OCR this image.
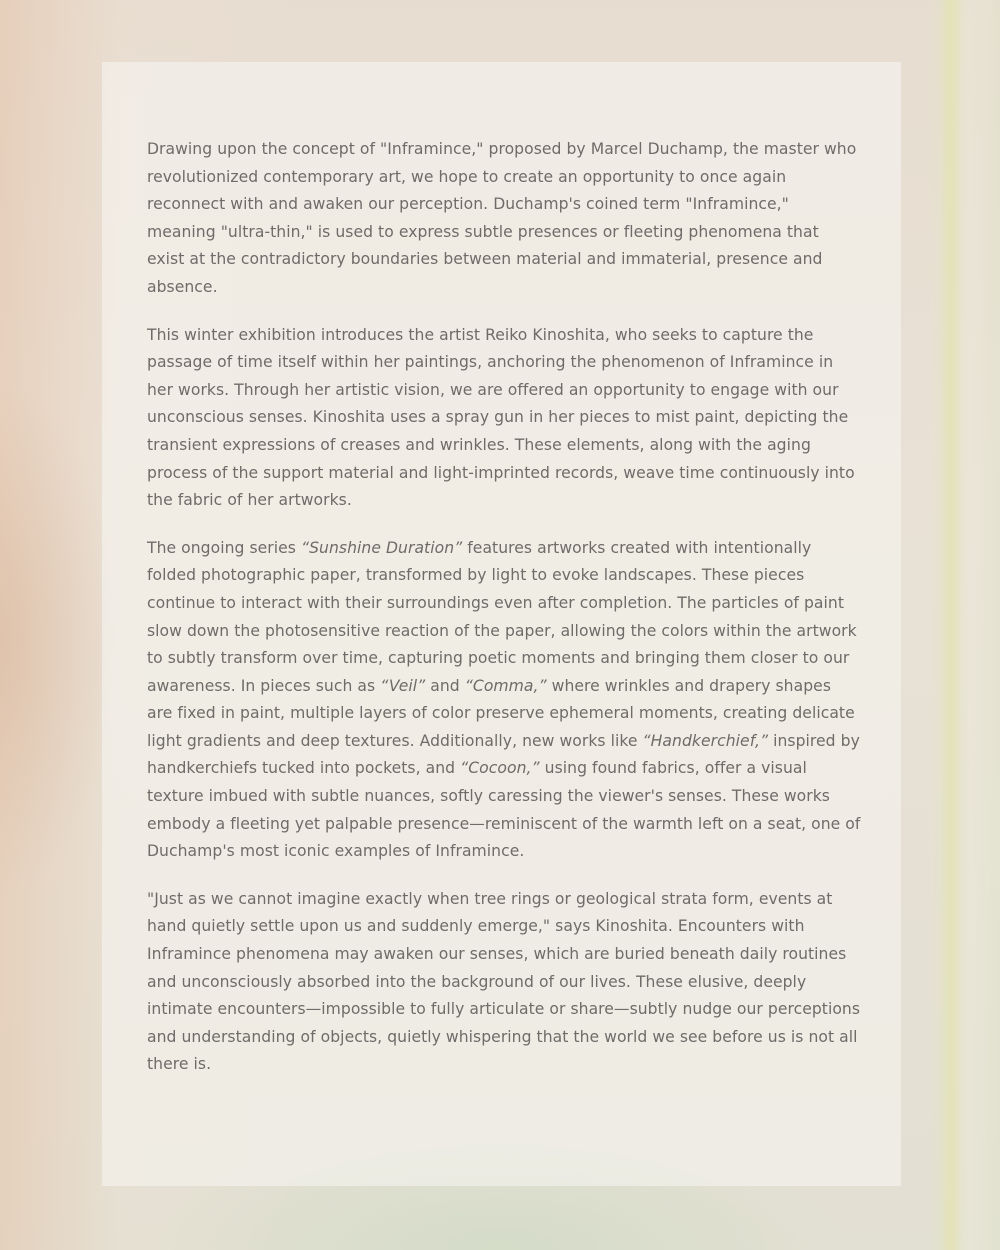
Drawing upon the concept of "Inframince," proposed by Marcel Duchamp, the master who revolutionized contemporary art, we hope to create an opportunity to once again reconnect with and awaken our perception. Duchamp's coined term "Inframince," meaning "ultra-thin," is used to express subtle presences or fleeting phenomena that exist at the contradictory boundaries between material and immaterial, presence and absence.

This winter exhibition introduces the artist Reiko Kinoshita, who seeks to capture the passage of time itself within her paintings, anchoring the phenomenon of Inframince in her works. Through her artistic vision, we are offered an opportunity to engage with our unconscious senses. Kinoshita uses a spray gun in her pieces to mist paint, depicting the transient expressions of creases and wrinkles. These elements, along with the aging process of the support material and light-imprinted records, weave time continuously into the fabric of her artworks.

The ongoing series “Sunshine Duration” features artworks created with intentionally folded photographic paper, transformed by light to evoke landscapes. These pieces continue to interact with their surroundings even after completion. The particles of paint slow down the photosensitive reaction of the paper, allowing the colors within the artwork to subtly transform over time, capturing poetic moments and bringing them closer to our awareness. In pieces such as “Veil” and “Comma,” where wrinkles and drapery shapes are fixed in paint, multiple layers of color preserve ephemeral moments, creating delicate light gradients and deep textures. Additionally, new works like “Handkerchief,” inspired by handkerchiefs tucked into pockets, and “Cocoon,” using found fabrics, offer a visual texture imbued with subtle nuances, softly caressing the viewer's senses. These works embody a fleeting yet palpable presence—reminiscent of the warmth left on a seat, one of Duchamp's most iconic examples of Inframince.

"Just as we cannot imagine exactly when tree rings or geological strata form, events at hand quietly settle upon us and suddenly emerge," says Kinoshita. Encounters with Inframince phenomena may awaken our senses, which are buried beneath daily routines and unconsciously absorbed into the background of our lives. These elusive, deeply intimate encounters—impossible to fully articulate or share—subtly nudge our perceptions and understanding of objects, quietly whispering that the world we see before us is not all there is.
